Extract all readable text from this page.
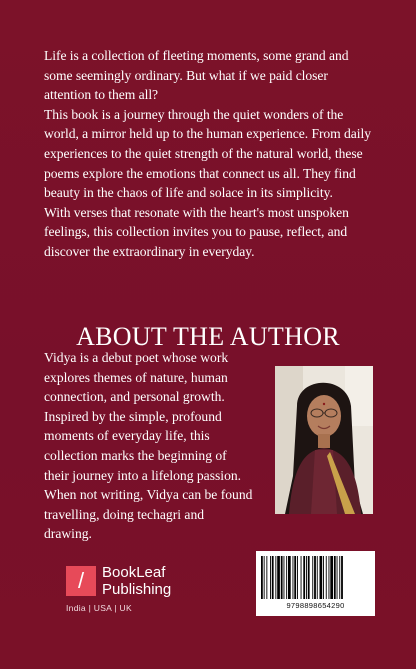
Life is a collection of fleeting moments, some grand and some seemingly ordinary. But what if we paid closer attention to them all?

This book is a journey through the quiet wonders of the world, a mirror held up to the human experience. From daily experiences to the quiet strength of the natural world, these poems explore the emotions that connect us all. They find beauty in the chaos of life and solace in its simplicity.

With verses that resonate with the heart's most unspoken feelings, this collection invites you to pause, reflect, and discover the extraordinary in everyday.

ABOUT THE AUTHOR

Vidya is a debut poet whose work explores themes of nature, human connection, and personal growth. Inspired by the simple, profound moments of everyday life, this collection marks the beginning of their journey into a lifelong passion. When not writing, Vidya can be found travelling, doing techagri and drawing.

/	BookLeaf
Publishing
India | USA | UK	9798898654290
